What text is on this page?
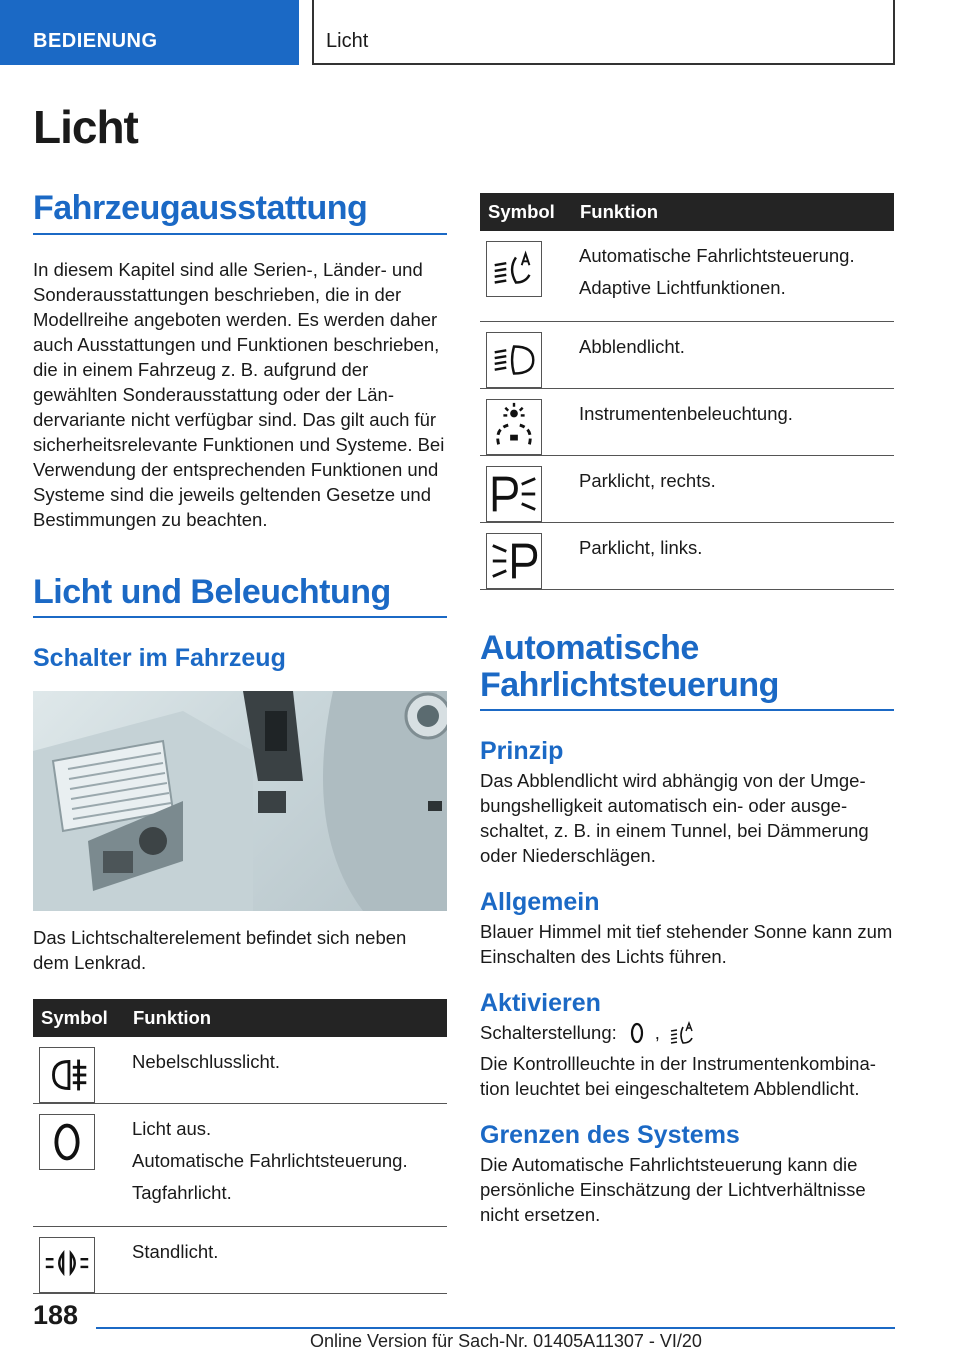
BEDIENUNG	Licht
Licht
Fahrzeugausstattung

In diesem Kapitel sind alle Serien-, Länder- und Sonderausstattungen beschrieben, die in der Modellreihe angeboten werden. Es werden daher auch Ausstattungen und Funktionen beschrieben, die in einem Fahrzeug z. B. aufgrund der gewählten Sonderausstattung oder der Ländervariante nicht verfügbar sind. Das gilt auch für sicherheitsrelevante Funktionen und Systeme. Bei Verwendung der entsprechenden Funktionen und Systeme sind die jeweils geltenden Gesetze und Bestimmungen zu beachten.

Licht und Beleuchtung
Schalter im Fahrzeug

Das Lichtschalterelement befindet sich neben dem Lenkrad.

Symbol	Funktion

Nebelschlusslicht.

Licht aus.
Automatische Fahrlichtsteuerung.
Tagfahrlicht.

Standlicht.
Symbol	Funktion

Automatische Fahrlichtsteuerung.
Adaptive Lichtfunktionen.

Abblendlicht.

Instrumentenbeleuchtung.

Parklicht, rechts.

Parklicht, links.
Automatische Fahrlichtsteuerung
Prinzip

Das Abblendlicht wird abhängig von der Umgebungshelligkeit automatisch ein- oder ausgeschaltet, z. B. in einem Tunnel, bei Dämmerung oder Niederschlägen.

Allgemein

Blauer Himmel mit tief stehender Sonne kann zum Einschalten des Lichts führen.

Aktivieren

Schalterstellung: ,

Die Kontrollleuchte in der Instrumentenkombination leuchtet bei eingeschaltetem Abblendlicht.

Grenzen des Systems

Die Automatische Fahrlichtsteuerung kann die persönliche Einschätzung der Lichtverhältnisse nicht ersetzen.

188
Online Version für Sach-Nr. 01405A11307 - VI/20
